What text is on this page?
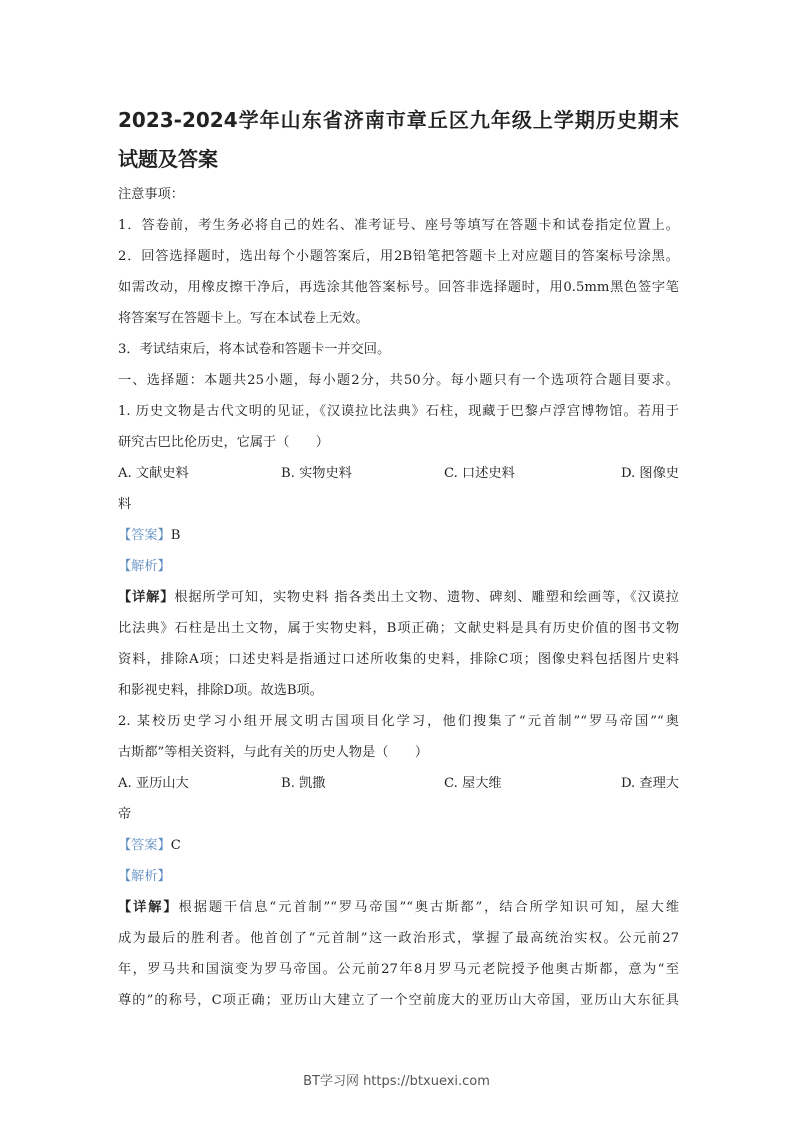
2023-2024学年山东省济南市章丘区九年级上学期历史期末
试题及答案
注意事项：
1．答卷前，考生务必将自己的姓名、准考证号、座号等填写在答题卡和试卷指定位置上。
2．回答选择题时，选出每个小题答案后，用2B铅笔把答题卡上对应题目的答案标号涂黑。
如需改动，用橡皮擦干净后，再选涂其他答案标号。回答非选择题时，用0.5mm黑色签字笔
将答案写在答题卡上。写在本试卷上无效。
3．考试结束后，将本试卷和答题卡一并交回。
一、选择题：本题共25小题，每小题2分，共50分。每小题只有一个选项符合题目要求。
1. 历史文物是古代文明的见证，《汉谟拉比法典》石柱，现藏于巴黎卢浮宫博物馆。若用于
研究古巴比伦历史，它属于（　　）
A. 文献史料	B. 实物史料	C. 口述史料	D. 图像史
料
【答案】B
【解析】
【详解】根据所学可知，实物史料 指各类出土文物、遗物、碑刻、雕塑和绘画等，《汉谟拉
比法典》石柱是出土文物，属于实物史料，B项正确；文献史料是具有历史价值的图书文物
资料，排除A项；口述史料是指通过口述所收集的史料，排除C项；图像史料包括图片史料
和影视史料，排除D项。故选B项。
2. 某校历史学习小组开展文明古国项目化学习，他们搜集了“元首制”“罗马帝国”“奥
古斯都”等相关资料，与此有关的历史人物是（　　）
A. 亚历山大	B. 凯撒	C. 屋大维	D. 查理大
帝
【答案】C
【解析】
【详解】根据题干信息“元首制”“罗马帝国”“奥古斯都”，结合所学知识可知，屋大维
成为最后的胜利者。他首创了“元首制”这一政治形式，掌握了最高统治实权。公元前27
年，罗马共和国演变为罗马帝国。公元前27年8月罗马元老院授予他奥古斯都，意为“至
尊的”的称号，C项正确；亚历山大建立了一个空前庞大的亚历山大帝国，亚历山大东征具
BT学习网 https://btxuexi.com
